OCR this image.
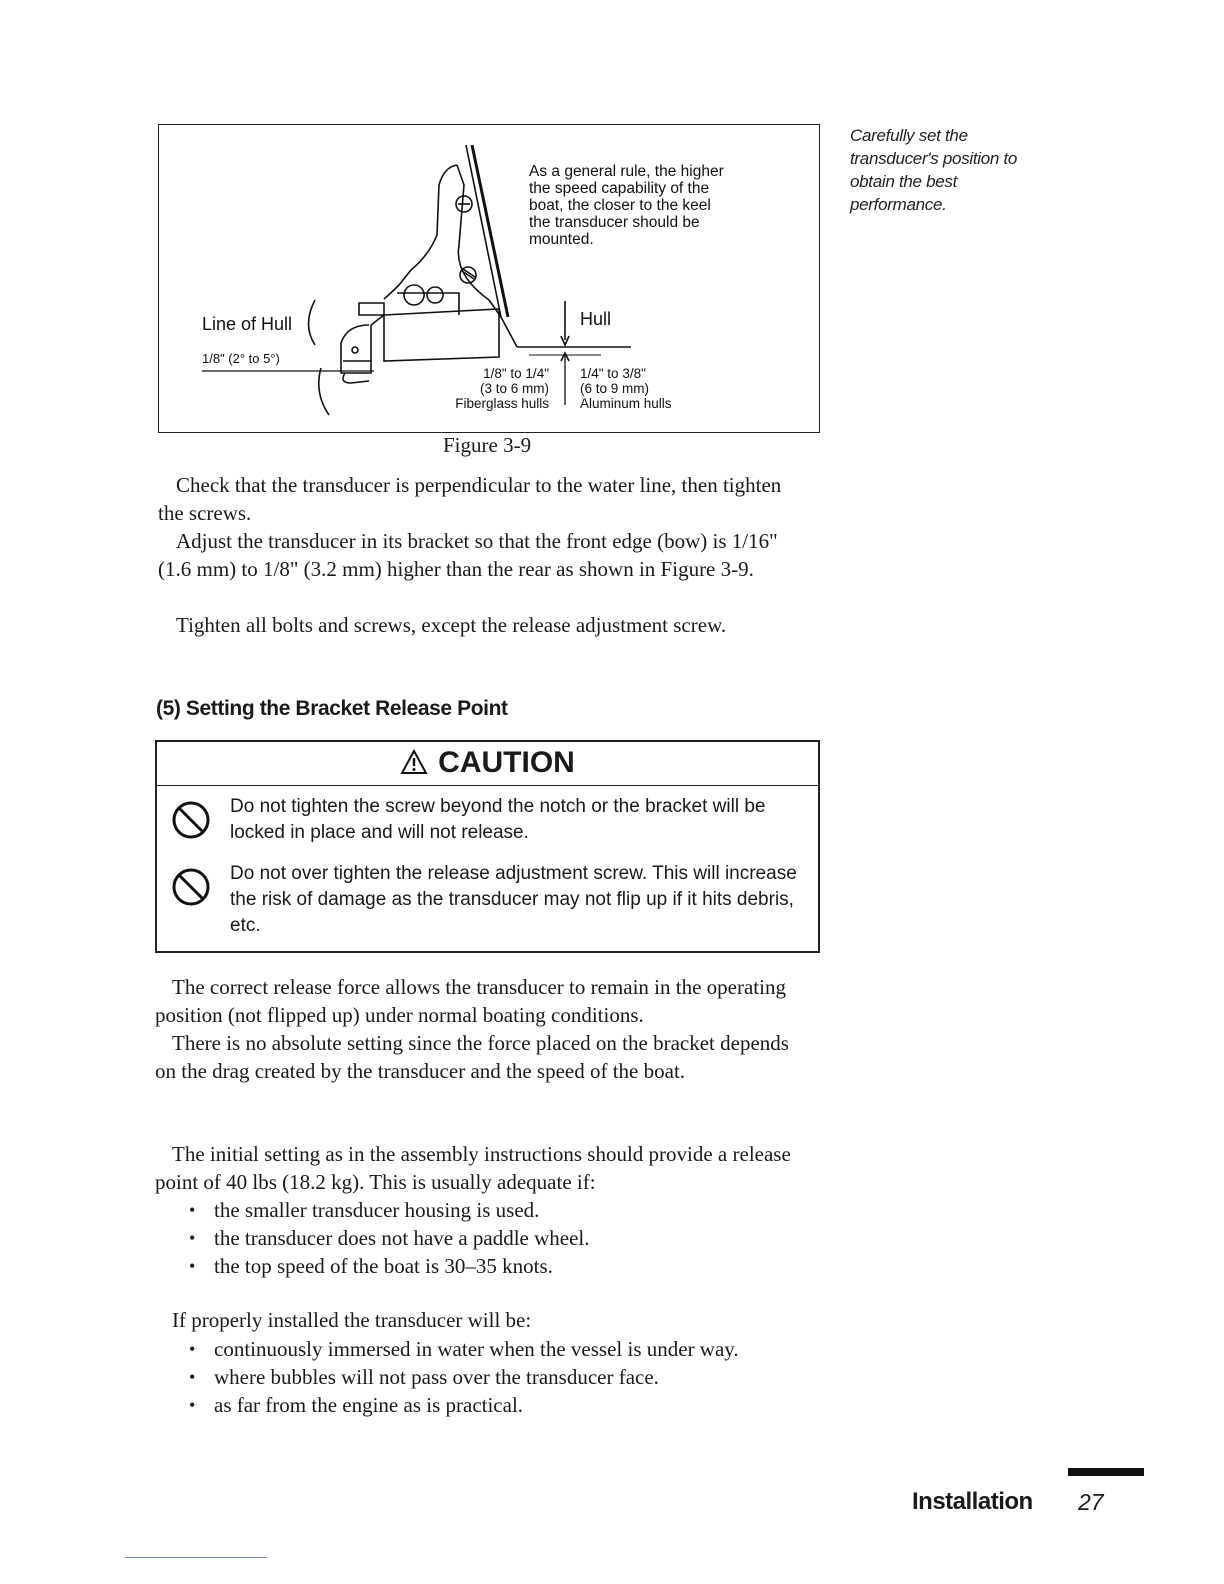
Carefully set the transducer's position to obtain the best performance.
As a general rule, the higher the speed capability of the boat, the closer to the keel the transducer should be mounted.
Line of Hull
1/8" (2° to 5°)
Hull
1/8" to 1/4"
(3 to 6 mm)
Fiberglass hulls
1/4" to 3/8"
(6 to 9 mm)
Aluminum hulls
Figure 3-9
Check that the transducer is perpendicular to the water line, then tighten the screws.
Adjust the transducer in its bracket so that the front edge (bow) is 1/16" (1.6 mm) to 1/8" (3.2 mm) higher than the rear as shown in Figure 3-9.
Tighten all bolts and screws, except the release adjustment screw.
(5) Setting the Bracket Release Point
CAUTION
Do not tighten the screw beyond the notch or the bracket will be locked in place and will not release.
Do not over tighten the release adjustment screw. This will increase the risk of damage as the transducer may not flip up if it hits debris, etc.
The correct release force allows the transducer to remain in the operating position (not flipped up) under normal boating conditions.
There is no absolute setting since the force placed on the bracket depends on the drag created by the transducer and the speed of the boat.
The initial setting as in the assembly instructions should provide a release point of 40 lbs (18.2 kg). This is usually adequate if:
• the smaller transducer housing is used.
• the transducer does not have a paddle wheel.
• the top speed of the boat is 30–35 knots.
If properly installed the transducer will be:
• continuously immersed in water when the vessel is under way.
• where bubbles will not pass over the transducer face.
• as far from the engine as is practical.
Installation 27
